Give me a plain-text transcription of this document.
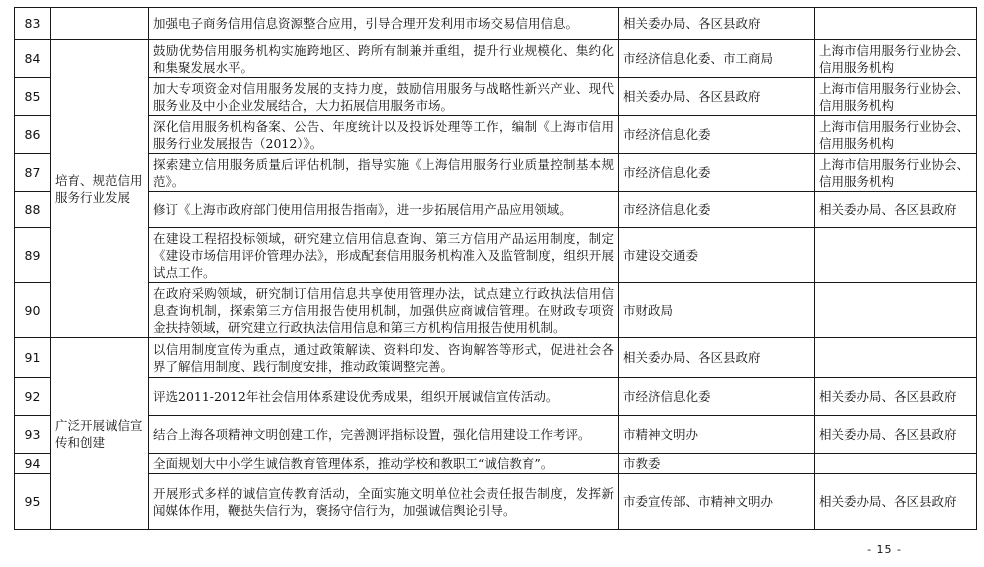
83		加强电子商务信用信息资源整合应用，引导合理开发利用市场交易信用信息。	相关委办局、各区县政府	
84	培育、规范信用服务行业发展	鼓励优势信用服务机构实施跨地区、跨所有制兼并重组，提升行业规模化、集约化和集聚发展水平。	市经济信息化委、市工商局	上海市信用服务行业协会、信用服务机构
85		加大专项资金对信用服务发展的支持力度，鼓励信用服务与战略性新兴产业、现代服务业及中小企业发展结合，大力拓展信用服务市场。	相关委办局、各区县政府	上海市信用服务行业协会、信用服务机构
86		深化信用服务机构备案、公告、年度统计以及投诉处理等工作，编制《上海市信用服务行业发展报告（2012）》。	市经济信息化委	上海市信用服务行业协会、信用服务机构
87		探索建立信用服务质量后评估机制，指导实施《上海信用服务行业质量控制基本规范》。	市经济信息化委	上海市信用服务行业协会、信用服务机构
88		修订《上海市政府部门使用信用报告指南》，进一步拓展信用产品应用领域。	市经济信息化委	相关委办局、各区县政府
89		在建设工程招投标领域，研究建立信用信息查询、第三方信用产品运用制度，制定《建设市场信用评价管理办法》，形成配套信用服务机构准入及监管制度，组织开展试点工作。	市建设交通委	
90		在政府采购领域，研究制订信用信息共享使用管理办法，试点建立行政执法信用信息查询机制，探索第三方信用报告使用机制，加强供应商诚信管理。在财政专项资金扶持领域，研究建立行政执法信用信息和第三方机构信用报告使用机制。	市财政局	
91	广泛开展诚信宣传和创建	以信用制度宣传为重点，通过政策解读、资料印发、咨询解答等形式，促进社会各界了解信用制度、践行制度安排，推动政策调整完善。	相关委办局、各区县政府	
92		评选2011-2012年社会信用体系建设优秀成果，组织开展诚信宣传活动。	市经济信息化委	相关委办局、各区县政府
93		结合上海各项精神文明创建工作，完善测评指标设置，强化信用建设工作考评。	市精神文明办	相关委办局、各区县政府
94		全面规划大中小学生诚信教育管理体系，推动学校和教职工“诚信教育”。	市教委	
95		开展形式多样的诚信宣传教育活动，全面实施文明单位社会责任报告制度，发挥新闻媒体作用，鞭挞失信行为，褒扬守信行为，加强诚信舆论引导。	市委宣传部、市精神文明办	相关委办局、各区县政府
- 15 -
